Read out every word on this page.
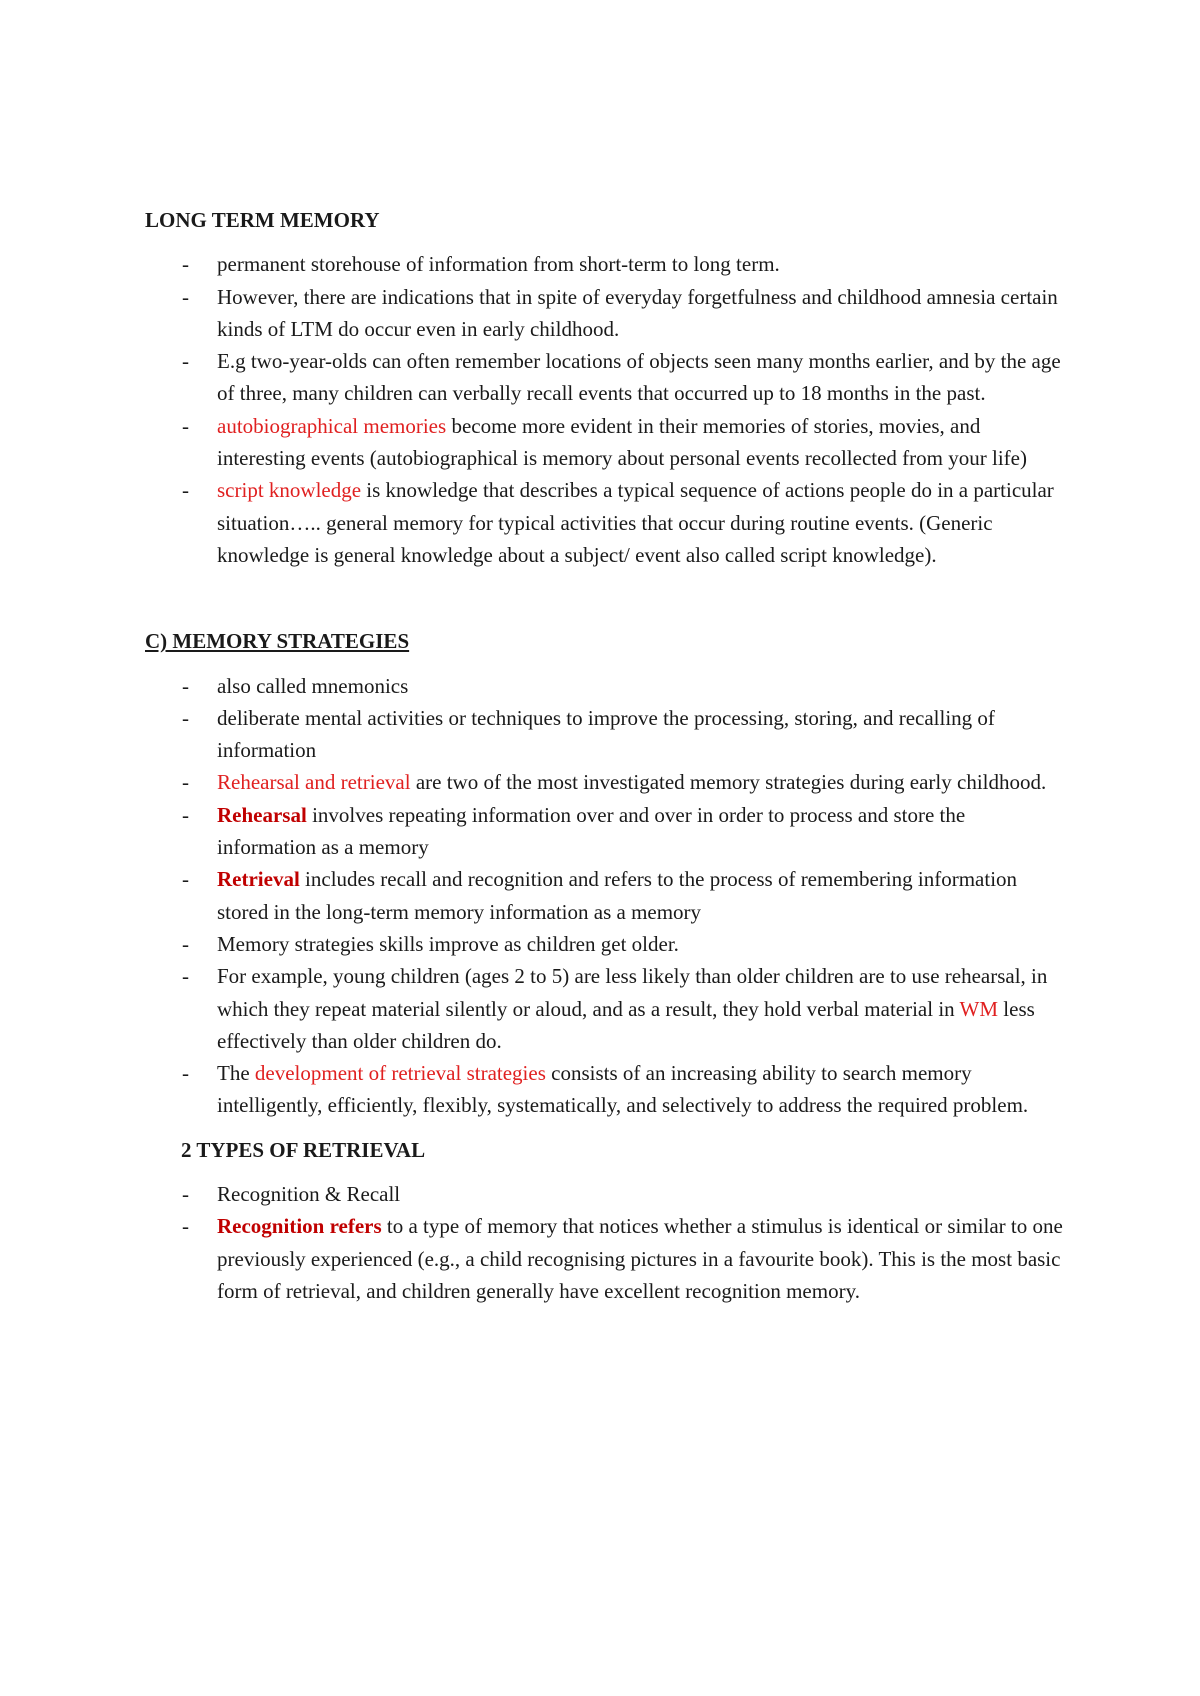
LONG TERM MEMORY
- permanent storehouse of information from short-term to long term.
- However, there are indications that in spite of everyday forgetfulness and childhood amnesia certain kinds of LTM do occur even in early childhood.
- E.g two-year-olds can often remember locations of objects seen many months earlier, and by the age of three, many children can verbally recall events that occurred up to 18 months in the past.
- autobiographical memories become more evident in their memories of stories, movies, and interesting events (autobiographical is memory about personal events recollected from your life)
- script knowledge is knowledge that describes a typical sequence of actions people do in a particular situation….. general memory for typical activities that occur during routine events. (Generic knowledge is general knowledge about a subject/ event also called script knowledge).
C) MEMORY STRATEGIES
- also called mnemonics
- deliberate mental activities or techniques to improve the processing, storing, and recalling of information
- Rehearsal and retrieval are two of the most investigated memory strategies during early childhood.
- Rehearsal involves repeating information over and over in order to process and store the information as a memory
- Retrieval includes recall and recognition and refers to the process of remembering information stored in the long-term memory information as a memory
- Memory strategies skills improve as children get older.
- For example, young children (ages 2 to 5) are less likely than older children are to use rehearsal, in which they repeat material silently or aloud, and as a result, they hold verbal material in WM less effectively than older children do.
- The development of retrieval strategies consists of an increasing ability to search memory intelligently, efficiently, flexibly, systematically, and selectively to address the required problem.
2 TYPES OF RETRIEVAL
- Recognition & Recall
- Recognition refers to a type of memory that notices whether a stimulus is identical or similar to one previously experienced (e.g., a child recognising pictures in a favourite book). This is the most basic form of retrieval, and children generally have excellent recognition memory.
